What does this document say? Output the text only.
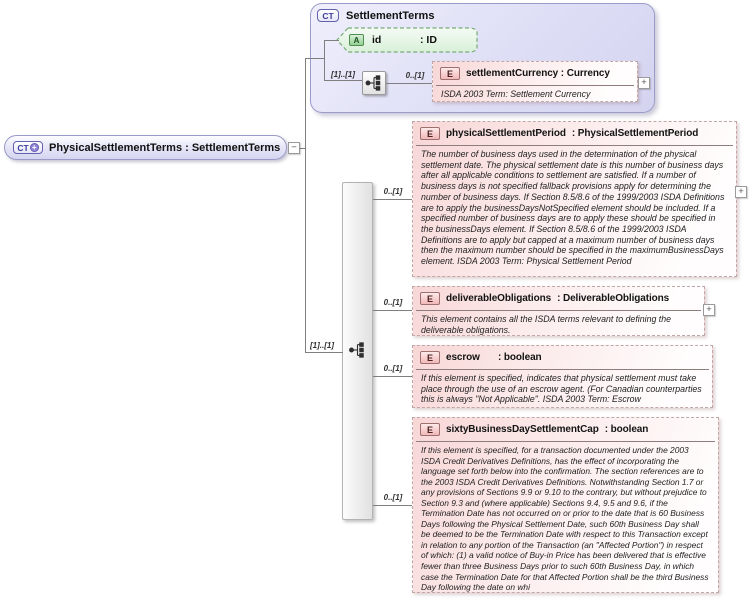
CT + PhysicalSettlementTerms : SettlementTerms	−
CT	SettlementTerms
A	id	: ID
[1]..[1]	0..[1]	E	settlementCurrency : Currency
ISDA 2003 Term: Settlement Currency
+
[1]..[1]
0..[1]
0..[1]
0..[1]
0..[1]
E	physicalSettlementPeriod : PhysicalSettlementPeriod
The number of business days used in the determination of the physical settlement date. The physical settlement date is this number of business days after all applicable conditions to settlement are satisfied. If a number of business days is not specified fallback provisions apply for determining the number of business days. If Section 8.5/8.6 of the 1999/2003 ISDA Definitions are to apply the businessDaysNotSpecified element should be included. If a specified number of business days are to apply these should be specified in the businessDays element. If Section 8.5/8.6 of the 1999/2003 ISDA Definitions are to apply but capped at a maximum number of business days then the maximum number should be specified in the maximumBusinessDays element. ISDA 2003 Term: Physical Settlement Period
+
E	deliverableObligations : DeliverableObligations
This element contains all the ISDA terms relevant to defining the deliverable obligations.
+
E	escrow	: boolean
If this element is specified, indicates that physical settlement must take place through the use of an escrow agent. (For Canadian counterparties this is always "Not Applicable". ISDA 2003 Term: Escrow
E	sixtyBusinessDaySettlementCap : boolean
If this element is specified, for a transaction documented under the 2003 ISDA Credit Derivatives Definitions, has the effect of incorporating the language set forth below into the confirmation. The section references are to the 2003 ISDA Credit Derivatives Definitions. Notwithstanding Section 1.7 or any provisions of Sections 9.9 or 9.10 to the contrary, but without prejudice to Section 9.3 and (where applicable) Sections 9.4, 9.5 and 9.6, if the Termination Date has not occurred on or prior to the date that is 60 Business Days following the Physical Settlement Date, such 60th Business Day shall be deemed to be the Termination Date with respect to this Transaction except in relation to any portion of the Transaction (an "Affected Portion") in respect of which: (1) a valid notice of Buy-in Price has been delivered that is effective fewer than three Business Days prior to such 60th Business Day, in which case the Termination Date for that Affected Portion shall be the third Business Day following the date on whi
